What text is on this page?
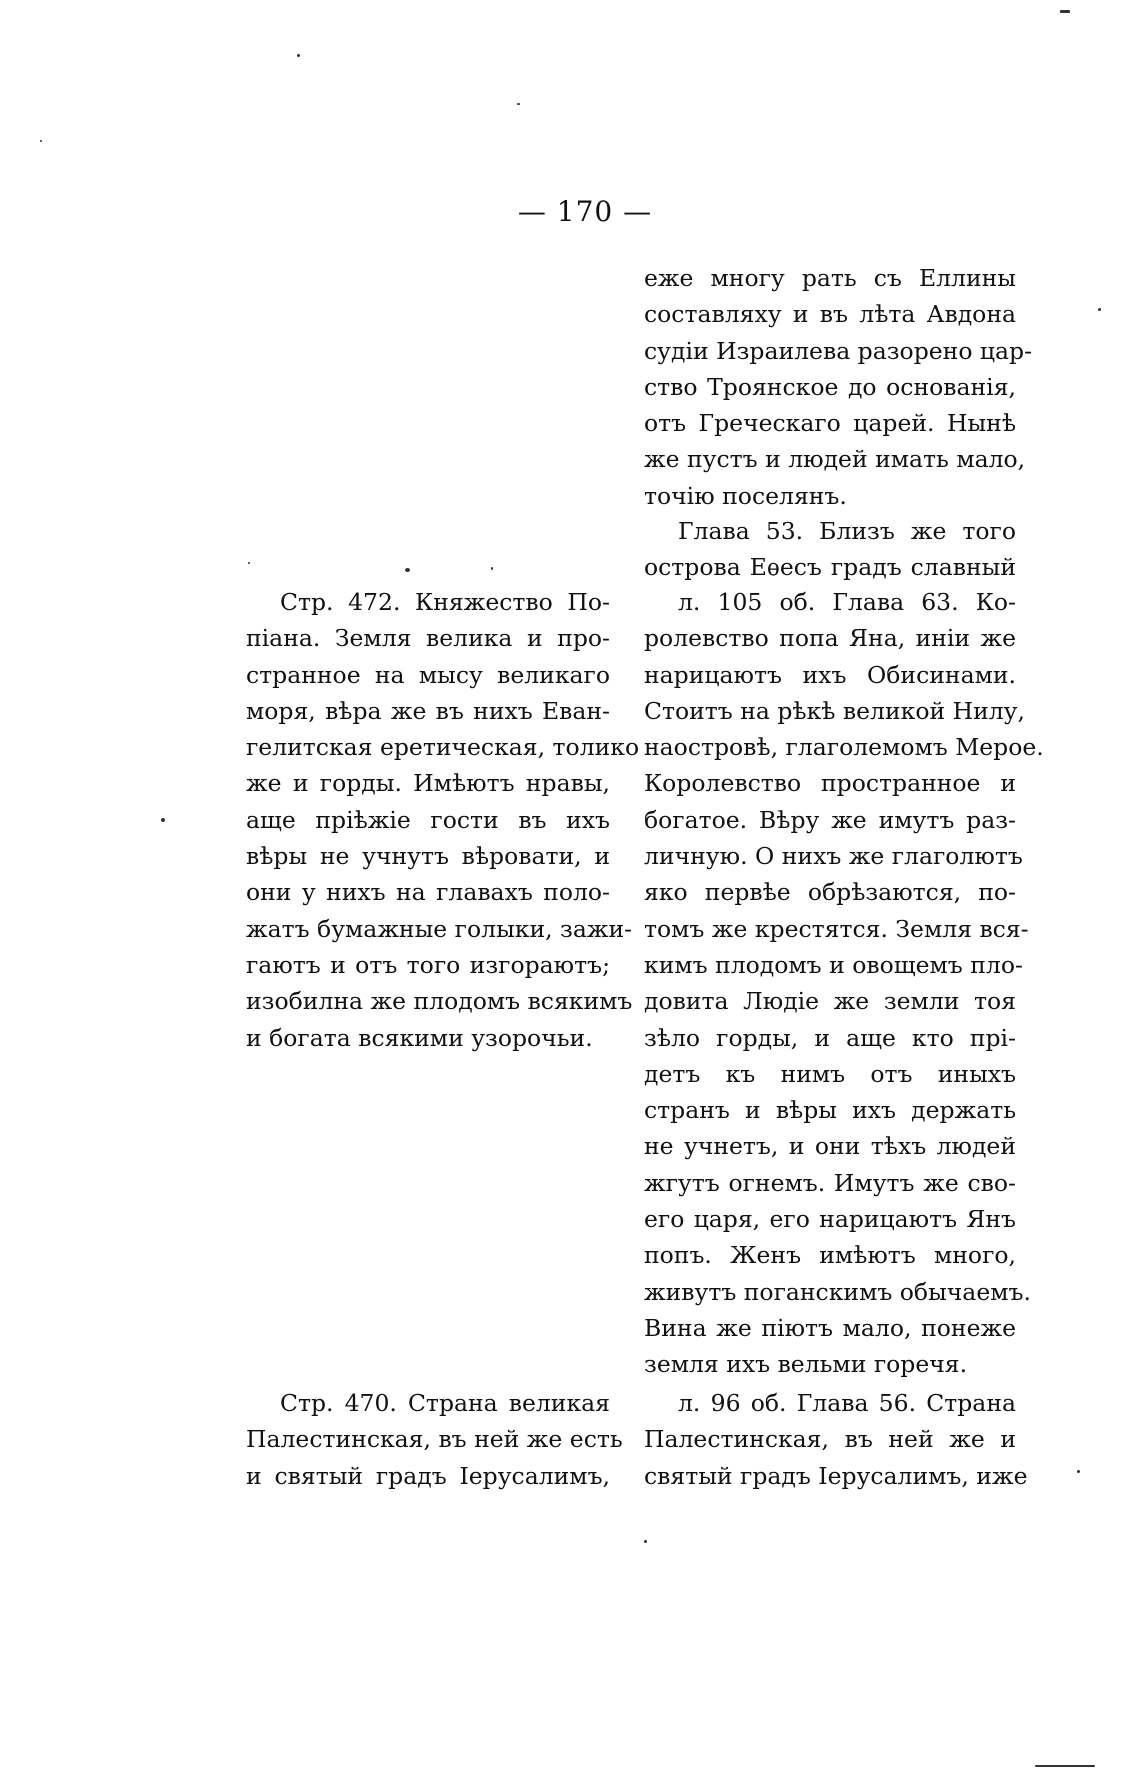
— 170 —
Стр. 472. Княжество По-
піана. Земля велика и про-
странное на мысу великаго
моря, вѣра же въ нихъ Еван-
гелитская еретическая, толико
же и горды. Имѣютъ нравы,
аще пріѣжіе гости въ ихъ
вѣры не учнутъ вѣровати, и
они у нихъ на главахъ поло-
жатъ бумажные голыки, зажи-
гаютъ и отъ того изгораютъ;
изобилна же плодомъ всякимъ
и богата всякими узорочьи.
Стр. 470. Страна великая
Палестинская, въ ней же есть
и святый градъ Іерусалимъ,
еже многу рать съ Еллины
составляху и въ лѣта Авдона
судіи Израилева разорено цар-
ство Троянское до основанія,
отъ Греческаго царей. Нынѣ
же пустъ и людей имать мало,
точію поселянъ.
Глава 53. Близъ же того
острова Еѳесъ градъ славный
л. 105 об. Глава 63. Ко-
ролевство попа Яна, иніи же
нарицаютъ ихъ Обисинами.
Стоитъ на рѣкѣ великой Нилу,
наостровѣ, глаголемомъ Мерое.
Королевство пространное и
богатое. Вѣру же имутъ раз-
личную. О нихъ же глаголютъ
яко первѣе обрѣзаются, по-
томъ же крестятся. Земля вся-
кимъ плодомъ и овощемъ пло-
довита Людіе же земли тоя
зѣло горды, и аще кто прі-
детъ къ нимъ отъ иныхъ
странъ и вѣры ихъ держать
не учнетъ, и они тѣхъ людей
жгутъ огнемъ. Имутъ же сво-
его царя, его нарицаютъ Янъ
попъ. Женъ имѣютъ много,
живутъ поганскимъ обычаемъ.
Вина же піютъ мало, понеже
земля ихъ вельми горечя.
л. 96 об. Глава 56. Страна
Палестинская, въ ней же и
святый градъ Іерусалимъ, иже
